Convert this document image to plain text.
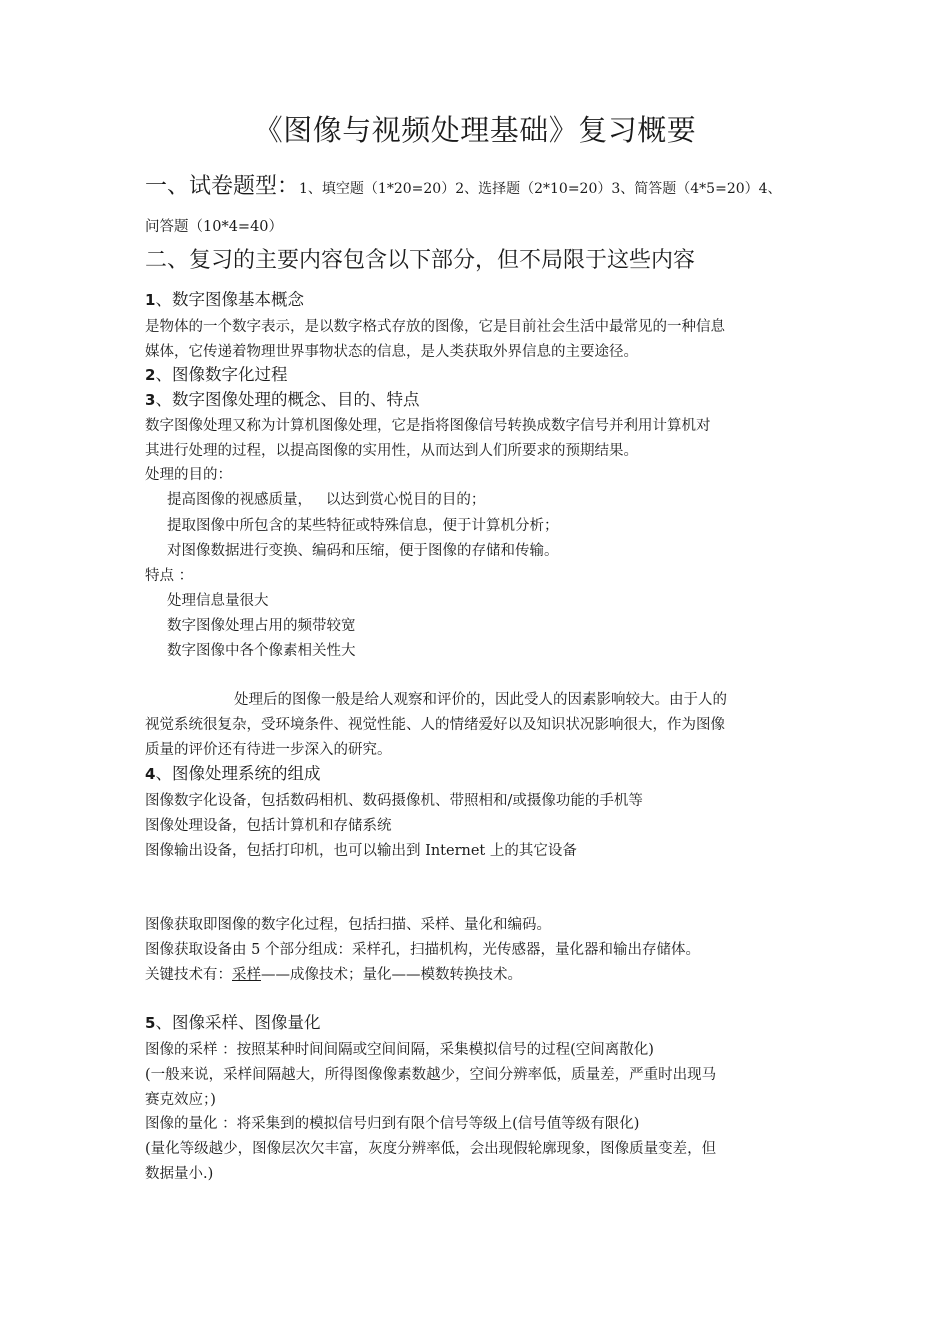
《图像与视频处理基础》复习概要
一、试卷题型：1、填空题（1*20=20）2、选择题（2*10=20）3、简答题（4*5=20）4、
问答题（10*4=40）
二、复习的主要内容包含以下部分，但不局限于这些内容
1、数字图像基本概念
是物体的一个数字表示，是以数字格式存放的图像，它是目前社会生活中最常见的一种信息
媒体，它传递着物理世界事物状态的信息，是人类获取外界信息的主要途径。
2、图像数字化过程
3、数字图像处理的概念、目的、特点
数字图像处理又称为计算机图像处理，它是指将图像信号转换成数字信号并利用计算机对
其进行处理的过程，以提高图像的实用性，从而达到人们所要求的预期结果。
处理的目的：
提高图像的视感质量，   以达到赏心悦目的目的；
提取图像中所包含的某些特征或特殊信息，便于计算机分析；
对图像数据进行变换、编码和压缩，便于图像的存储和传输。
特点 ：
处理信息量很大
数字图像处理占用的频带较宽
数字图像中各个像素相关性大
处理后的图像一般是给人观察和评价的，因此受人的因素影响较大。由于人的
视觉系统很复杂，受环境条件、视觉性能、人的情绪爱好以及知识状况影响很大，作为图像
质量的评价还有待进一步深入的研究。
4、图像处理系统的组成
图像数字化设备，包括数码相机、数码摄像机、带照相和/或摄像功能的手机等
图像处理设备，包括计算机和存储系统
图像输出设备，包括打印机，也可以输出到 Internet 上的其它设备
图像获取即图像的数字化过程，包括扫描、采样、量化和编码。
图像获取设备由 5 个部分组成：采样孔，扫描机构，光传感器，量化器和输出存储体。
关键技术有：采样——成像技术；量化——模数转换技术。
5、图像采样、图像量化
图像的采样 ：按照某种时间间隔或空间间隔，采集模拟信号的过程(空间离散化)
(一般来说，采样间隔越大，所得图像像素数越少，空间分辨率低，质量差，严重时出现马
赛克效应；)
图像的量化 ：将采集到的模拟信号归到有限个信号等级上(信号值等级有限化)
(量化等级越少，图像层次欠丰富，灰度分辨率低，会出现假轮廓现象，图像质量变差，但
数据量小.)
